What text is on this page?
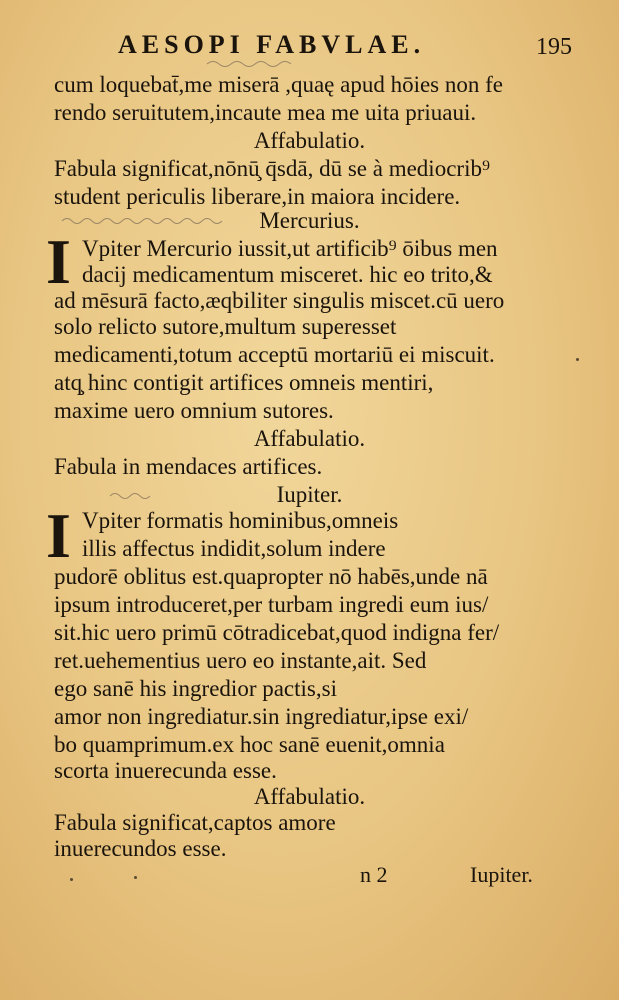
AESOPI FABVLAE.	195
cum loquebat̄,me miserā ,quaę apud hōies non fe
rendo seruitutem,incaute mea me uita priuaui.
Affabulatio.
Fabula significat,nōnū̧ q̄sdā, dū se à mediocrib⁹
student periculis liberare,in maiora incidere.
Mercurius.
I Vpiter Mercurio iussit,ut artificib⁹ ōibus men
dacij medicamentum misceret. hic eo trito,&
ad mēsurā facto,æqbiliter singulis miscet.cū uero
solo relicto sutore,multum superesset
medicamenti,totum acceptū mortariū ei miscuit.
atq̧ hinc contigit artifices omneis mentiri,
maxime uero omnium sutores.
Affabulatio.
Fabula in mendaces artifices.
Iupiter.
I Vpiter formatis hominibus,omneis
illis affectus indidit,solum indere
pudorē oblitus est.quapropter nō habēs,unde nā
ipsum introduceret,per turbam ingredi eum ius/
sit.hic uero primū cōtradicebat,quod indigna fer/
ret.uehementius uero eo instante,ait. Sed
ego sanē his ingredior pactis,si
amor non ingrediatur.sin ingrediatur,ipse exi/
bo quamprimum.ex hoc sanē euenit,omnia
scorta inuerecunda esse.
Affabulatio.
Fabula significat,captos amore
inuerecundos esse.
n 2	Iupiter.
